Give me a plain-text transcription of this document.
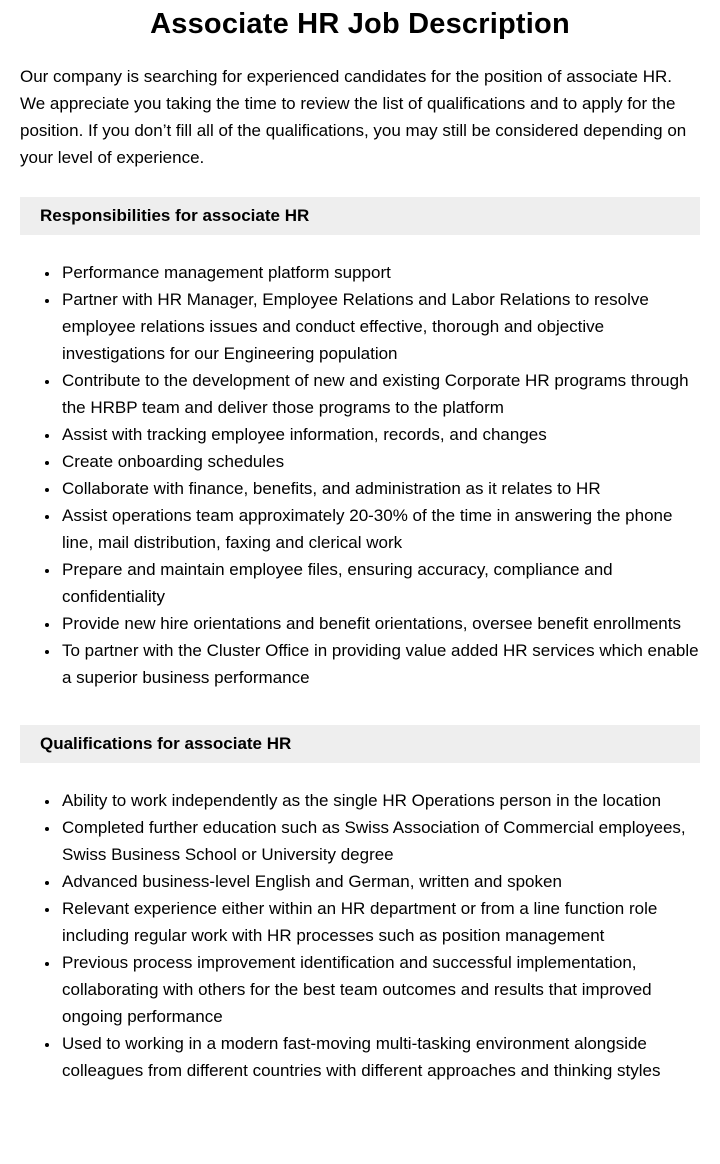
Associate HR Job Description

Our company is searching for experienced candidates for the position of associate HR. We appreciate you taking the time to review the list of qualifications and to apply for the position. If you don’t fill all of the qualifications, you may still be considered depending on your level of experience.

Responsibilities for associate HR
• Performance management platform support
• Partner with HR Manager, Employee Relations and Labor Relations to resolve employee relations issues and conduct effective, thorough and objective investigations for our Engineering population
• Contribute to the development of new and existing Corporate HR programs through the HRBP team and deliver those programs to the platform
• Assist with tracking employee information, records, and changes
• Create onboarding schedules
• Collaborate with finance, benefits, and administration as it relates to HR
• Assist operations team approximately 20-30% of the time in answering the phone line, mail distribution, faxing and clerical work
• Prepare and maintain employee files, ensuring accuracy, compliance and confidentiality
• Provide new hire orientations and benefit orientations, oversee benefit enrollments
• To partner with the Cluster Office in providing value added HR services which enable a superior business performance
Qualifications for associate HR
• Ability to work independently as the single HR Operations person in the location
• Completed further education such as Swiss Association of Commercial employees, Swiss Business School or University degree
• Advanced business-level English and German, written and spoken
• Relevant experience either within an HR department or from a line function role including regular work with HR processes such as position management
• Previous process improvement identification and successful implementation, collaborating with others for the best team outcomes and results that improved ongoing performance
• Used to working in a modern fast-moving multi-tasking environment alongside colleagues from different countries with different approaches and thinking styles
